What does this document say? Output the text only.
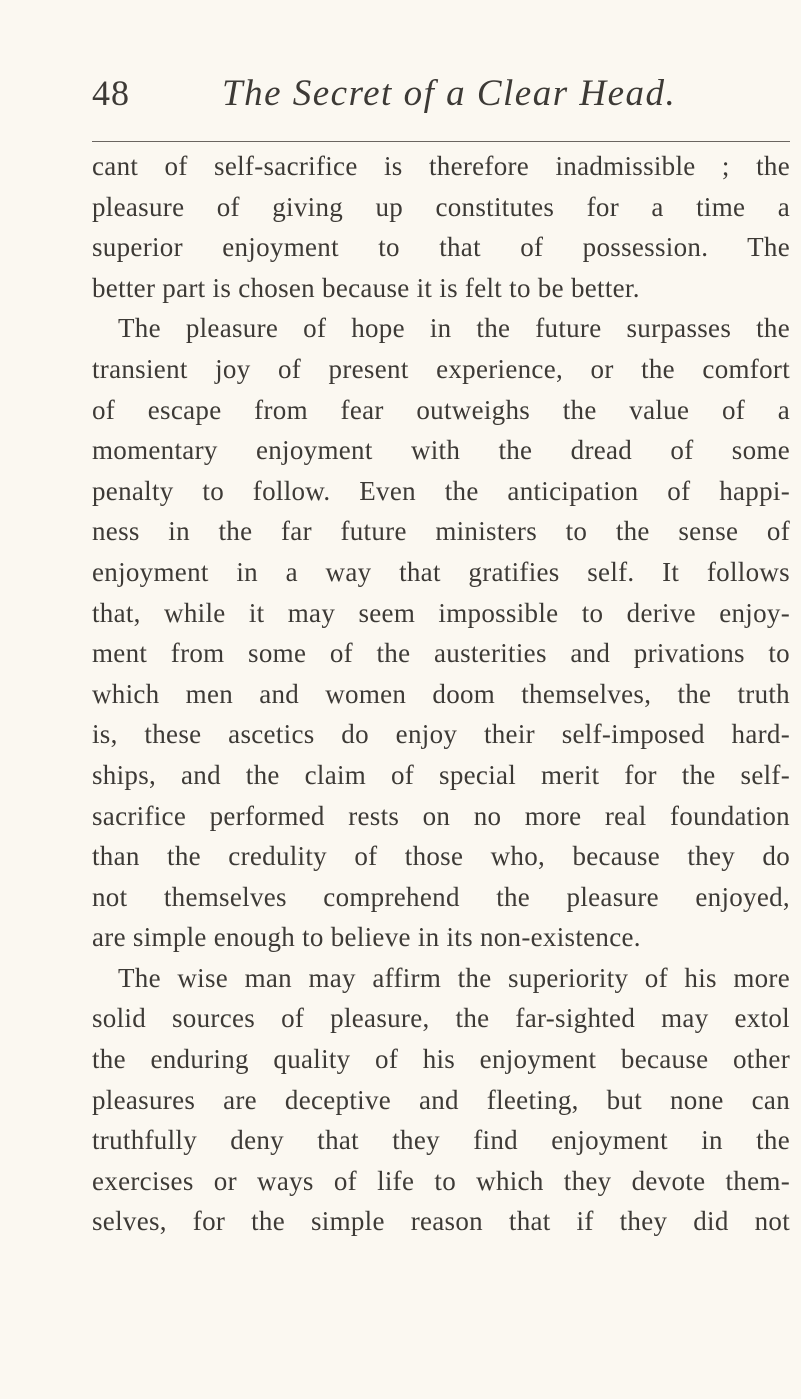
48 The Secret of a Clear Head.
cant of self-sacrifice is therefore inadmissible ; the
pleasure of giving up constitutes for a time a
superior enjoyment to that of possession. The
better part is chosen because it is felt to be better.
The pleasure of hope in the future surpasses the
transient joy of present experience, or the comfort
of escape from fear outweighs the value of a
momentary enjoyment with the dread of some
penalty to follow. Even the anticipation of happi-
ness in the far future ministers to the sense of
enjoyment in a way that gratifies self. It follows
that, while it may seem impossible to derive enjoy-
ment from some of the austerities and privations to
which men and women doom themselves, the truth
is, these ascetics do enjoy their self-imposed hard-
ships, and the claim of special merit for the self-
sacrifice performed rests on no more real foundation
than the credulity of those who, because they do
not themselves comprehend the pleasure enjoyed,
are simple enough to believe in its non-existence.
The wise man may affirm the superiority of his more
solid sources of pleasure, the far-sighted may extol
the enduring quality of his enjoyment because other
pleasures are deceptive and fleeting, but none can
truthfully deny that they find enjoyment in the
exercises or ways of life to which they devote them-
selves, for the simple reason that if they did not
